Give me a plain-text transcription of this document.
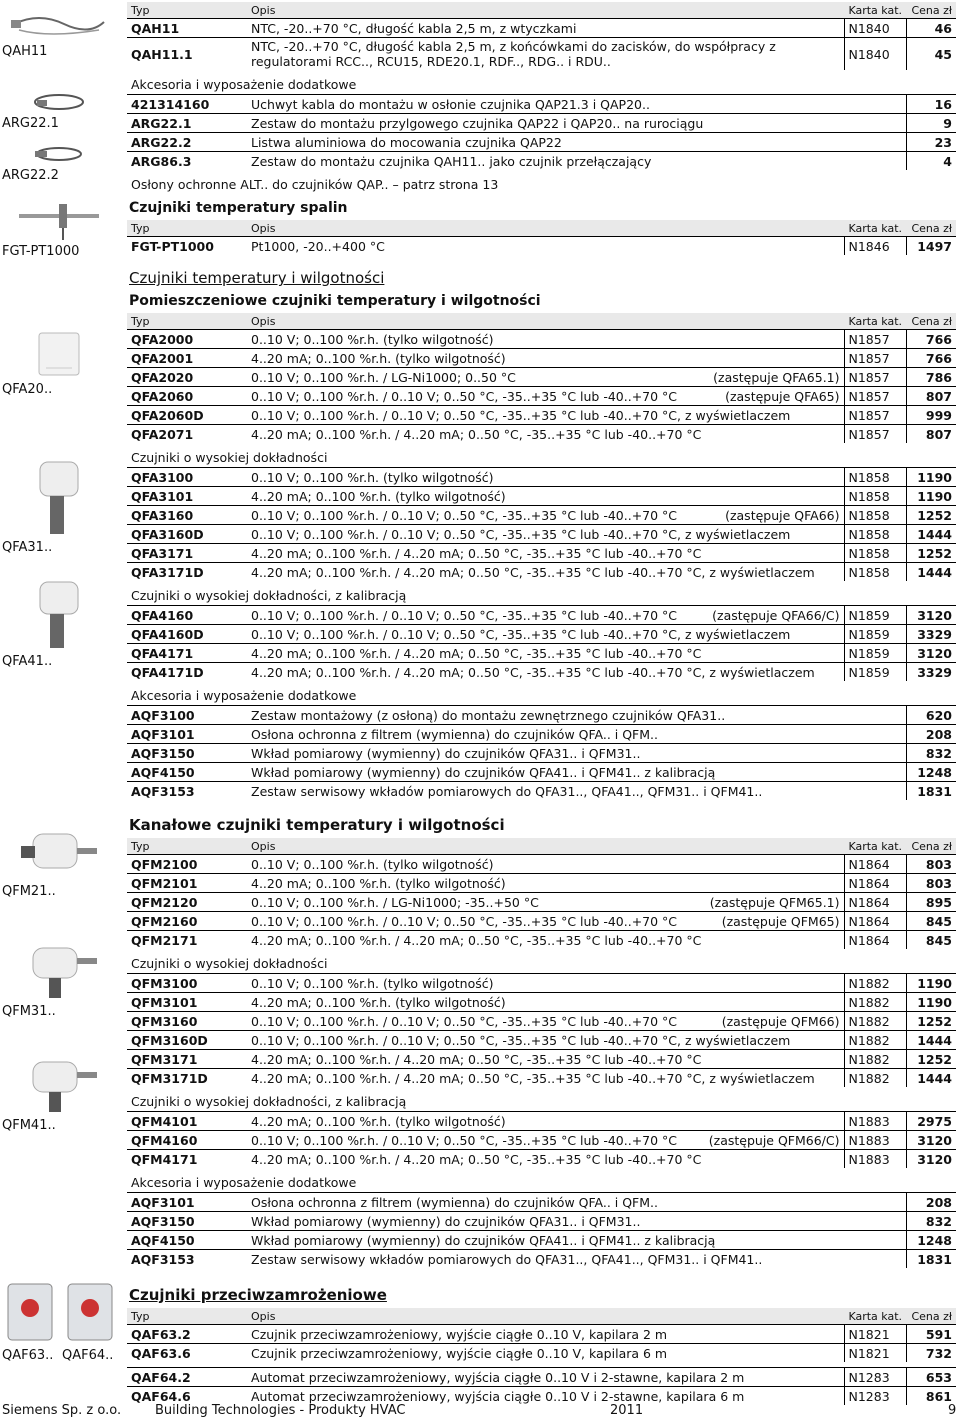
QAH11
ARG22.1
ARG22.2
FGT-PT1000
QFA20..
QFA31..
QFA41..
QFM21..
QFM31..
QFM41..
QAF63.. QAF64..
Typ	Opis	Karta kat.	Cena zł
QAH11	NTC, -20..+70 °C, długość kabla 2,5 m, z wtyczkami	N1840	46
QAH11.1	NTC, -20..+70 °C, długość kabla 2,5 m, z końcówkami do zacisków, do współpracy z regulatorami RCC.., RCU15, RDE20.1, RDF.., RDG.. i RDU..	N1840	45
Akcesoria i wyposażenie dodatkowe			
421314160	Uchwyt kabla do montażu w osłonie czujnika QAP21.3 i QAP20..		16
ARG22.1	Zestaw do montażu przylgowego czujnika QAP22 i QAP20.. na rurociągu		9
ARG22.2	Listwa aluminiowa do mocowania czujnika QAP22		23
ARG86.3	Zestaw do montażu czujnika QAH11.. jako czujnik przełączający		4
Osłony ochronne ALT.. do czujników QAP.. – patrz strona 13			
Czujniki temperatury spalin
Typ	Opis	Karta kat.	Cena zł
FGT-PT1000	Pt1000, -20..+400 °C	N1846	1497
Czujniki temperatury i wilgotności
Pomieszczeniowe czujniki temperatury i wilgotności
Typ	Opis	Karta kat.	Cena zł
QFA2000	0..10 V; 0..100 %r.h. (tylko wilgotność)	N1857	766
QFA2001	4..20 mA; 0..100 %r.h. (tylko wilgotność)	N1857	766
QFA2020	0..10 V; 0..100 %r.h. / LG-Ni1000; 0..50 °C (zastępuje QFA65.1)	N1857	786
QFA2060	0..10 V; 0..100 %r.h. / 0..10 V; 0..50 °C, -35..+35 °C lub -40..+70 °C (zastępuje QFA65)	N1857	807
QFA2060D	0..10 V; 0..100 %r.h. / 0..10 V; 0..50 °C, -35..+35 °C lub -40..+70 °C, z wyświetlaczem	N1857	999
QFA2071	4..20 mA; 0..100 %r.h. / 4..20 mA; 0..50 °C, -35..+35 °C lub -40..+70 °C	N1857	807
Czujniki o wysokiej dokładności			
QFA3100	0..10 V; 0..100 %r.h. (tylko wilgotność)	N1858	1190
QFA3101	4..20 mA; 0..100 %r.h. (tylko wilgotność)	N1858	1190
QFA3160	0..10 V; 0..100 %r.h. / 0..10 V; 0..50 °C, -35..+35 °C lub -40..+70 °C (zastępuje QFA66)	N1858	1252
QFA3160D	0..10 V; 0..100 %r.h. / 0..10 V; 0..50 °C, -35..+35 °C lub -40..+70 °C, z wyświetlaczem	N1858	1444
QFA3171	4..20 mA; 0..100 %r.h. / 4..20 mA; 0..50 °C, -35..+35 °C lub -40..+70 °C	N1858	1252
QFA3171D	4..20 mA; 0..100 %r.h. / 4..20 mA; 0..50 °C, -35..+35 °C lub -40..+70 °C, z wyświetlaczem	N1858	1444
Czujniki o wysokiej dokładności, z kalibracją			
QFA4160	0..10 V; 0..100 %r.h. / 0..10 V; 0..50 °C, -35..+35 °C lub -40..+70 °C (zastępuje QFA66/C)	N1859	3120
QFA4160D	0..10 V; 0..100 %r.h. / 0..10 V; 0..50 °C, -35..+35 °C lub -40..+70 °C, z wyświetlaczem	N1859	3329
QFA4171	4..20 mA; 0..100 %r.h. / 4..20 mA; 0..50 °C, -35..+35 °C lub -40..+70 °C	N1859	3120
QFA4171D	4..20 mA; 0..100 %r.h. / 4..20 mA; 0..50 °C, -35..+35 °C lub -40..+70 °C, z wyświetlaczem	N1859	3329
Akcesoria i wyposażenie dodatkowe			
AQF3100	Zestaw montażowy (z osłoną) do montażu zewnętrznego czujników QFA31..		620
AQF3101	Osłona ochronna z filtrem (wymienna) do czujników QFA.. i QFM..		208
AQF3150	Wkład pomiarowy (wymienny) do czujników QFA31.. i QFM31..		832
AQF4150	Wkład pomiarowy (wymienny) do czujników QFA41.. i QFM41.. z kalibracją		1248
AQF3153	Zestaw serwisowy wkładów pomiarowych do QFA31.., QFA41.., QFM31.. i QFM41..		1831
Kanałowe czujniki temperatury i wilgotności
Typ	Opis	Karta kat.	Cena zł
QFM2100	0..10 V; 0..100 %r.h. (tylko wilgotność)	N1864	803
QFM2101	4..20 mA; 0..100 %r.h. (tylko wilgotność)	N1864	803
QFM2120	0..10 V; 0..100 %r.h. / LG-Ni1000; -35..+50 °C (zastępuje QFM65.1)	N1864	895
QFM2160	0..10 V; 0..100 %r.h. / 0..10 V; 0..50 °C, -35..+35 °C lub -40..+70 °C (zastępuje QFM65)	N1864	845
QFM2171	4..20 mA; 0..100 %r.h. / 4..20 mA; 0..50 °C, -35..+35 °C lub -40..+70 °C	N1864	845
Czujniki o wysokiej dokładności			
QFM3100	0..10 V; 0..100 %r.h. (tylko wilgotność)	N1882	1190
QFM3101	4..20 mA; 0..100 %r.h. (tylko wilgotność)	N1882	1190
QFM3160	0..10 V; 0..100 %r.h. / 0..10 V; 0..50 °C, -35..+35 °C lub -40..+70 °C (zastępuje QFM66)	N1882	1252
QFM3160D	0..10 V; 0..100 %r.h. / 0..10 V; 0..50 °C, -35..+35 °C lub -40..+70 °C, z wyświetlaczem	N1882	1444
QFM3171	4..20 mA; 0..100 %r.h. / 4..20 mA; 0..50 °C, -35..+35 °C lub -40..+70 °C	N1882	1252
QFM3171D	4..20 mA; 0..100 %r.h. / 4..20 mA; 0..50 °C, -35..+35 °C lub -40..+70 °C, z wyświetlaczem	N1882	1444
Czujniki o wysokiej dokładności, z kalibracją			
QFM4101	4..20 mA; 0..100 %r.h. (tylko wilgotność)	N1883	2975
QFM4160	0..10 V; 0..100 %r.h. / 0..10 V; 0..50 °C, -35..+35 °C lub -40..+70 °C (zastępuje QFM66/C)	N1883	3120
QFM4171	4..20 mA; 0..100 %r.h. / 4..20 mA; 0..50 °C, -35..+35 °C lub -40..+70 °C	N1883	3120
Akcesoria i wyposażenie dodatkowe			
AQF3101	Osłona ochronna z filtrem (wymienna) do czujników QFA.. i QFM..		208
AQF3150	Wkład pomiarowy (wymienny) do czujników QFA31.. i QFM31..		832
AQF4150	Wkład pomiarowy (wymienny) do czujników QFA41.. i QFM41.. z kalibracją		1248
AQF3153	Zestaw serwisowy wkładów pomiarowych do QFA31.., QFA41.., QFM31.. i QFM41..		1831
Czujniki przeciwzamrożeniowe
Typ	Opis	Karta kat.	Cena zł
QAF63.2	Czujnik przeciwzamrożeniowy, wyjście ciągłe 0..10 V, kapilara 2 m	N1821	591
QAF63.6	Czujnik przeciwzamrożeniowy, wyjście ciągłe 0..10 V, kapilara 6 m	N1821	732

QAF64.2	Automat przeciwzamrożeniowy, wyjścia ciągłe 0..10 V i 2-stawne, kapilara 2 m	N1283	653
QAF64.6	Automat przeciwzamrożeniowy, wyjścia ciągłe 0..10 V i 2-stawne, kapilara 6 m	N1283	861
Siemens Sp. z o.o.	Building Technologies - Produkty HVAC	2011	9
